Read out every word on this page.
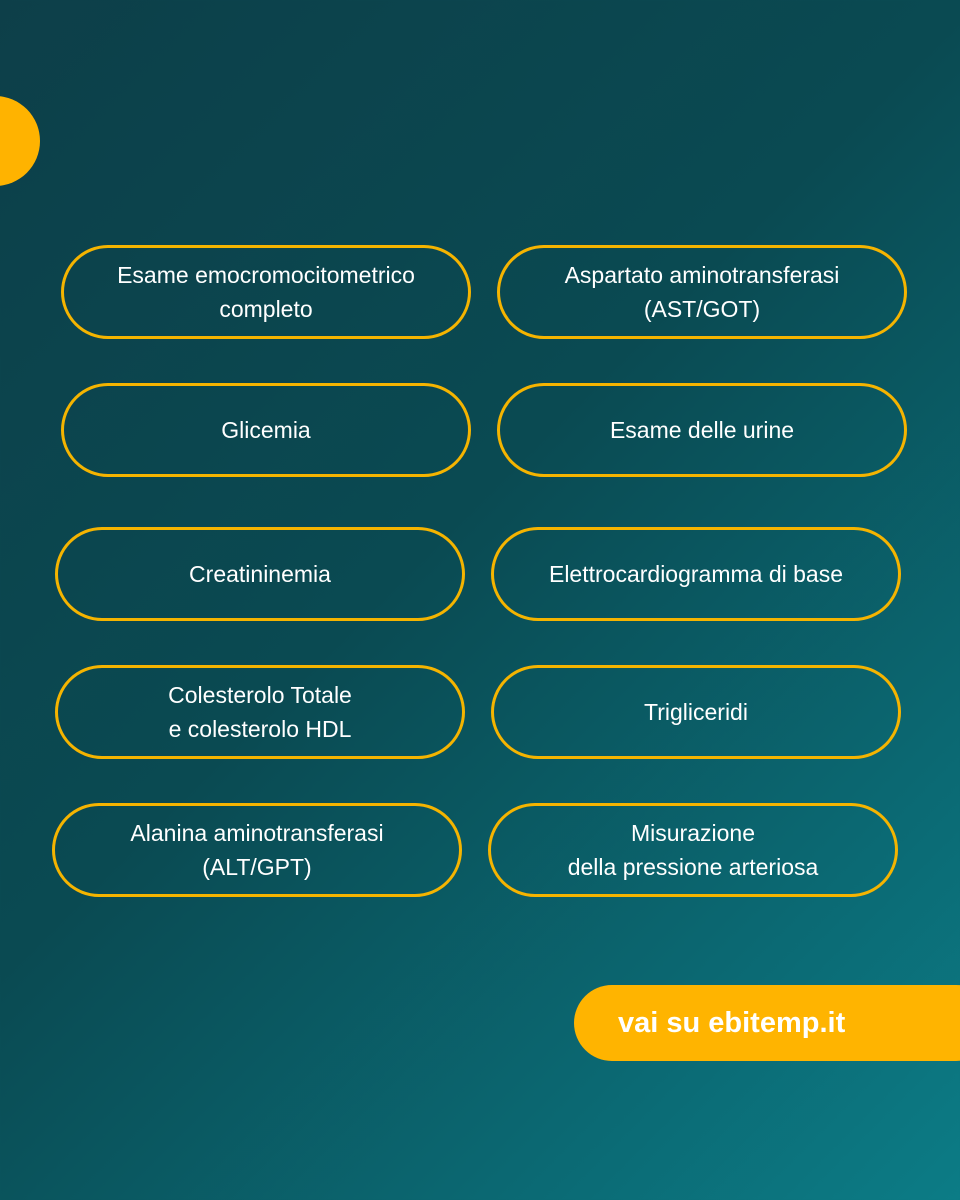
Esame emocromocitometrico
completo
Aspartato aminotransferasi
(AST/GOT)
Glicemia	Esame delle urine
Creatininemia	Elettrocardiogramma di base
Colesterolo Totale
e colesterolo HDL
Trigliceridi
Alanina aminotransferasi
(ALT/GPT)
Misurazione
della pressione arteriosa
vai su ebitemp.it
